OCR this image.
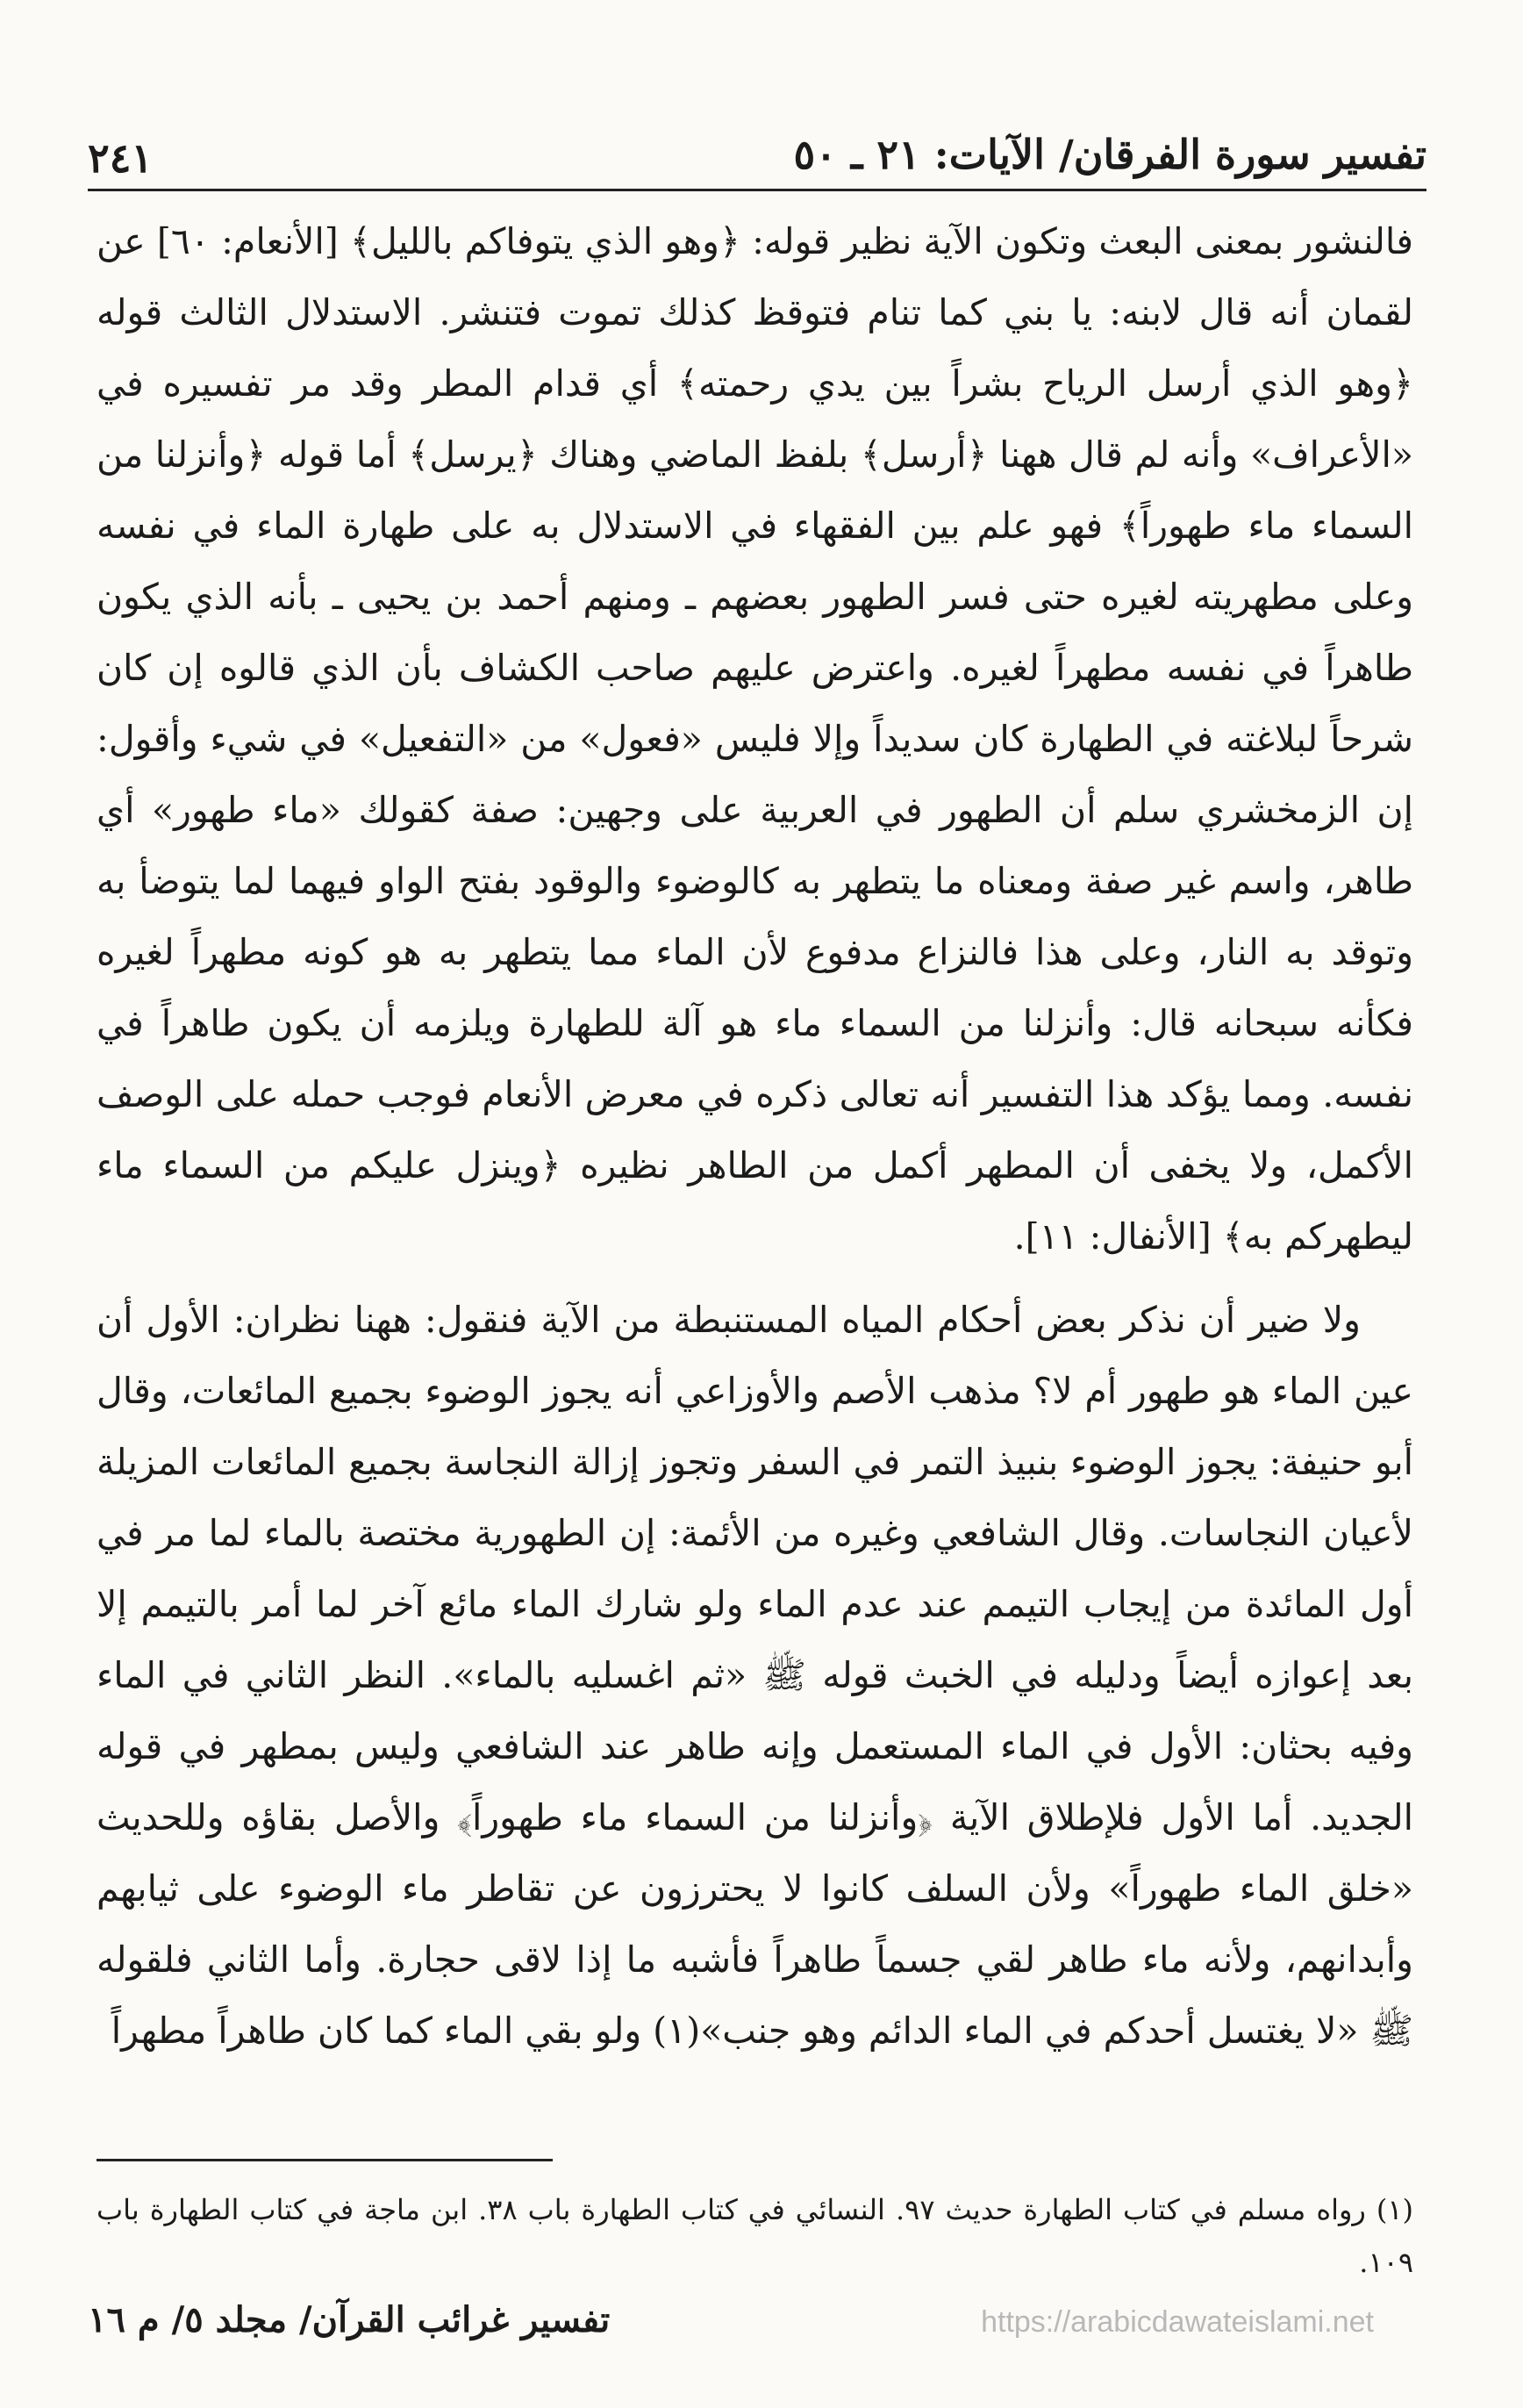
٢٤١	تفسير سورة الفرقان/ الآيات: ٢١ ـ ٥٠

فالنشور بمعنى البعث وتكون الآية نظير قوله: ﴿وهو الذي يتوفاكم بالليل﴾ [الأنعام: ٦٠] عن لقمان أنه قال لابنه: يا بني كما تنام فتوقظ كذلك تموت فتنشر. الاستدلال الثالث قوله ﴿وهو الذي أرسل الرياح بشراً بين يدي رحمته﴾ أي قدام المطر وقد مر تفسيره في «الأعراف» وأنه لم قال ههنا ﴿أرسل﴾ بلفظ الماضي وهناك ﴿يرسل﴾ أما قوله ﴿وأنزلنا من السماء ماء طهوراً﴾ فهو علم بين الفقهاء في الاستدلال به على طهارة الماء في نفسه وعلى مطهريته لغيره حتى فسر الطهور بعضهم ـ ومنهم أحمد بن يحيى ـ بأنه الذي يكون طاهراً في نفسه مطهراً لغيره. واعترض عليهم صاحب الكشاف بأن الذي قالوه إن كان شرحاً لبلاغته في الطهارة كان سديداً وإلا فليس «فعول» من «التفعيل» في شيء وأقول: إن الزمخشري سلم أن الطهور في العربية على وجهين: صفة كقولك «ماء طهور» أي طاهر، واسم غير صفة ومعناه ما يتطهر به كالوضوء والوقود بفتح الواو فيهما لما يتوضأ به وتوقد به النار، وعلى هذا فالنزاع مدفوع لأن الماء مما يتطهر به هو كونه مطهراً لغيره فكأنه سبحانه قال: وأنزلنا من السماء ماء هو آلة للطهارة ويلزمه أن يكون طاهراً في نفسه. ومما يؤكد هذا التفسير أنه تعالى ذكره في معرض الأنعام فوجب حمله على الوصف الأكمل، ولا يخفى أن المطهر أكمل من الطاهر نظيره ﴿وينزل عليكم من السماء ماء ليطهركم به﴾ [الأنفال: ١١].

ولا ضير أن نذكر بعض أحكام المياه المستنبطة من الآية فنقول: ههنا نظران: الأول أن عين الماء هو طهور أم لا؟ مذهب الأصم والأوزاعي أنه يجوز الوضوء بجميع المائعات، وقال أبو حنيفة: يجوز الوضوء بنبيذ التمر في السفر وتجوز إزالة النجاسة بجميع المائعات المزيلة لأعيان النجاسات. وقال الشافعي وغيره من الأئمة: إن الطهورية مختصة بالماء لما مر في أول المائدة من إيجاب التيمم عند عدم الماء ولو شارك الماء مائع آخر لما أمر بالتيمم إلا بعد إعوازه أيضاً ودليله في الخبث قوله ﷺ «ثم اغسليه بالماء». النظر الثاني في الماء وفيه بحثان: الأول في الماء المستعمل وإنه طاهر عند الشافعي وليس بمطهر في قوله الجديد. أما الأول فلإطلاق الآية ﴿وأنزلنا من السماء ماء طهوراً﴾ والأصل بقاؤه وللحديث «خلق الماء طهوراً» ولأن السلف كانوا لا يحترزون عن تقاطر ماء الوضوء على ثيابهم وأبدانهم، ولأنه ماء طاهر لقي جسماً طاهراً فأشبه ما إذا لاقى حجارة. وأما الثاني فلقوله ﷺ «لا يغتسل أحدكم في الماء الدائم وهو جنب»(١) ولو بقي الماء كما كان طاهراً مطهراً

(١) رواه مسلم في كتاب الطهارة حديث ٩٧. النسائي في كتاب الطهارة باب ٣٨. ابن ماجة في كتاب الطهارة باب ١٠٩.
تفسير غرائب القرآن/ مجلد ٥/ م ١٦	https://arabicdawateislami.net
